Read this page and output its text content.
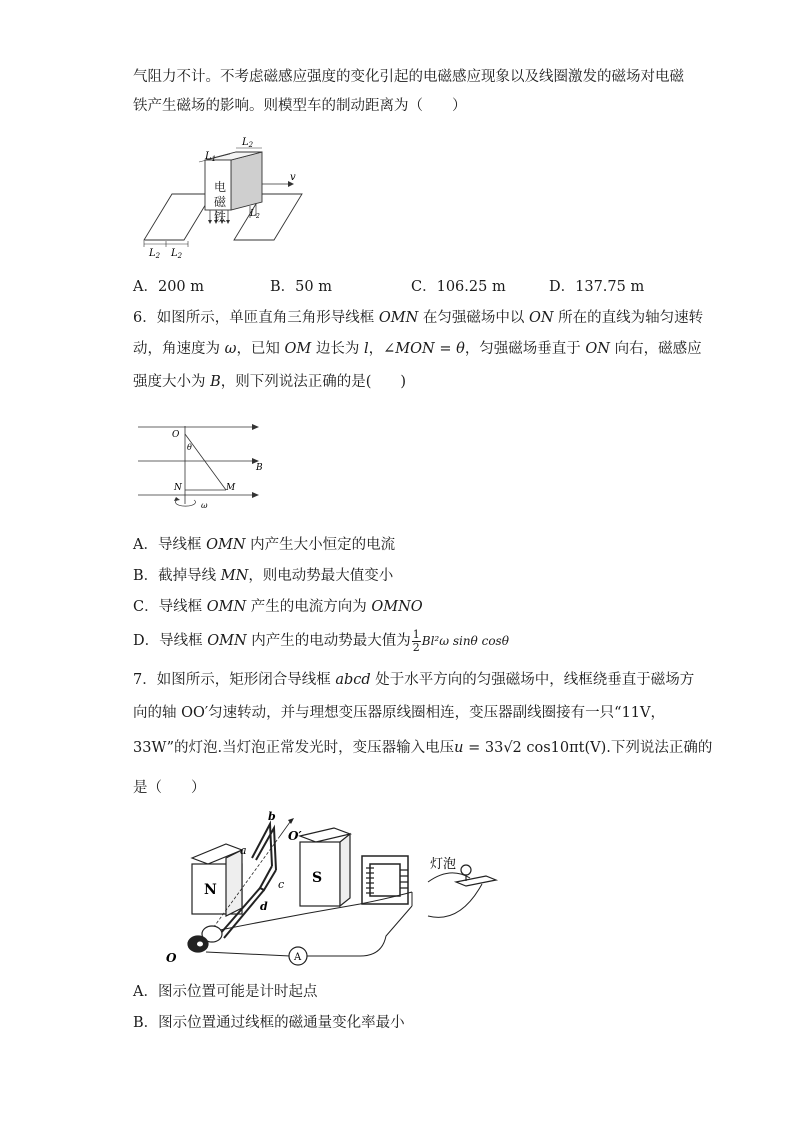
气阻力不计。不考虑磁感应强度的变化引起的电磁感应现象以及线圈激发的磁场对电磁
铁产生磁场的影响。则模型车的制动距离为（　　）
v
$L_1$
$L_2$
$L_2$
$L_2$ $L_2$
电
磁
铁
A．200 m	B．50 m	C．106.25 m	D．137.75 m
6．如图所示，单匝直角三角形导线框 OMN 在匀强磁场中以 ON 所在的直线为轴匀速转
动，角速度为 ω，已知 OM 边长为 l，∠MON = θ，匀强磁场垂直于 ON 向右，磁感应
强度大小为 B，则下列说法正确的是(　　)
O
θ
N	M
B
ω
A．导线框 OMN 内产生大小恒定的电流
B．截掉导线 MN，则电动势最大值变小
C．导线框 OMN 产生的电流方向为 OMNO
D．导线框 OMN 内产生的电动势最大值为 $\frac{1}{2} Bl^2\omega$ sinθ cosθ
7．如图所示，矩形闭合导线框 abcd 处于水平方向的匀强磁场中，线框绕垂直于磁场方
向的轴 OO′匀速转动，并与理想变压器原线圈相连，变压器副线圈接有一只“11V，
33W”的灯泡.当灯泡正常发光时，变压器输入电压u = 33√2 cos10πt(V).下列说法正确的
是（　　）
N
S
A
灯泡
a
b
c
d
O′
O
A．图示位置可能是计时起点
B．图示位置通过线框的磁通量变化率最小
